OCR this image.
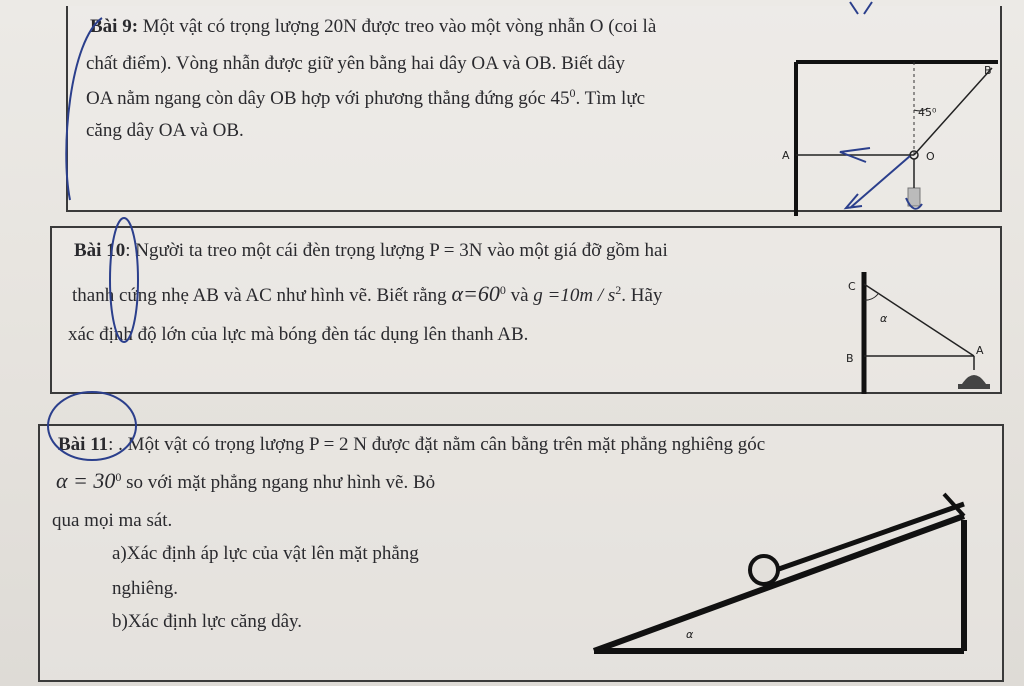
Bài 9: Một vật có trọng lượng 20N được treo vào một vòng nhẫn O (coi là
chất điểm). Vòng nhẫn được giữ yên bằng hai dây OA và OB. Biết dây
OA nằm ngang còn dây OB hợp với phương thẳng đứng góc $45^0$. Tìm lực
căng dây OA và OB.
A
B
O
45⁰
Bài 10: Người ta treo một cái đèn trọng lượng P = 3N vào một giá đỡ gồm hai
thanh cứng nhẹ AB và AC như hình vẽ. Biết rằng $\alpha=60^0$ và $g =10m / s^2$. Hãy
xác định độ lớn của lực mà bóng đèn tác dụng lên thanh AB.
C
B
A
α
Bài 11: . Một vật có trọng lượng P = 2 N được đặt nằm cân bằng trên mặt phẳng nghiêng góc
$\alpha = 30^0$ so với mặt phẳng ngang như hình vẽ. Bỏ
qua mọi ma sát.
a)Xác định áp lực của vật lên mặt phẳng
nghiêng.
b)Xác định lực căng dây.
α
